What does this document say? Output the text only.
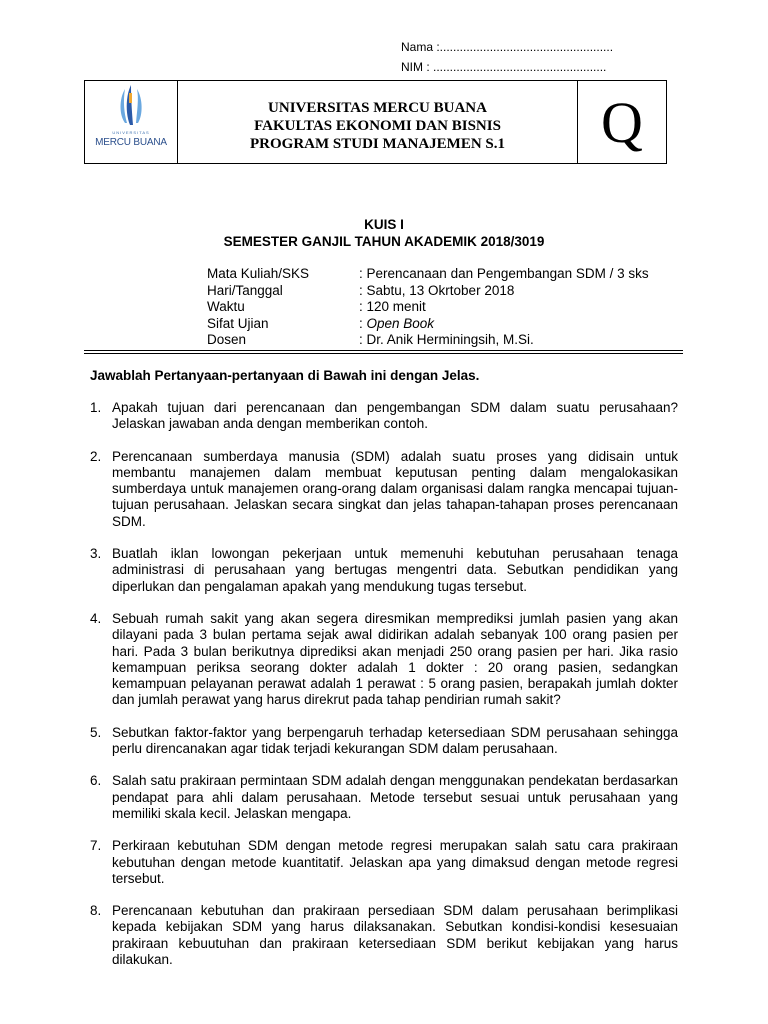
Nama :....................................................
NIM : ....................................................
UNIVERSITAS
MERCU BUANA
UNIVERSITAS MERCU BUANA
FAKULTAS EKONOMI DAN BISNIS
PROGRAM STUDI MANAJEMEN S.1	Q
KUIS I
SEMESTER GANJIL TAHUN AKADEMIK 2018/3019
Mata Kuliah/SKS	: Perencanaan dan Pengembangan SDM / 3 sks
Hari/Tanggal	: Sabtu, 13 Okrtober 2018
Waktu	: 120 menit
Sifat Ujian	: Open Book
Dosen	: Dr. Anik Herminingsih, M.Si.
Jawablah Pertanyaan-pertanyaan di Bawah ini dengan Jelas.
1. Apakah tujuan dari perencanaan dan pengembangan SDM dalam suatu perusahaan? Jelaskan jawaban anda dengan memberikan contoh.
2. Perencanaan sumberdaya manusia (SDM) adalah suatu proses yang didisain untuk membantu manajemen dalam membuat keputusan penting dalam mengalokasikan sumberdaya untuk manajemen orang-orang dalam organisasi dalam rangka mencapai tujuan-tujuan perusahaan. Jelaskan secara singkat dan jelas tahapan-tahapan proses perencanaan SDM.
3. Buatlah iklan lowongan pekerjaan untuk memenuhi kebutuhan perusahaan tenaga administrasi di perusahaan yang bertugas mengentri data. Sebutkan pendidikan yang diperlukan dan pengalaman apakah yang mendukung tugas tersebut.
4. Sebuah rumah sakit yang akan segera diresmikan memprediksi jumlah pasien yang akan dilayani pada 3 bulan pertama sejak awal didirikan adalah sebanyak 100 orang pasien per hari. Pada 3 bulan berikutnya diprediksi akan menjadi 250 orang pasien per hari. Jika rasio kemampuan periksa seorang dokter adalah 1 dokter : 20 orang pasien, sedangkan kemampuan pelayanan perawat adalah 1 perawat : 5 orang pasien, berapakah jumlah dokter dan jumlah perawat yang harus direkrut pada tahap pendirian rumah sakit?
5. Sebutkan faktor-faktor yang berpengaruh terhadap ketersediaan SDM perusahaan sehingga perlu direncanakan agar tidak terjadi kekurangan SDM dalam perusahaan.
6. Salah satu prakiraan permintaan SDM adalah dengan menggunakan pendekatan berdasarkan pendapat para ahli dalam perusahaan. Metode tersebut sesuai untuk perusahaan yang memiliki skala kecil. Jelaskan mengapa.
7. Perkiraan kebutuhan SDM dengan metode regresi merupakan salah satu cara prakiraan kebutuhan dengan metode kuantitatif. Jelaskan apa yang dimaksud dengan metode regresi tersebut.
8. Perencanaan kebutuhan dan prakiraan persediaan SDM dalam perusahaan berimplikasi kepada kebijakan SDM yang harus dilaksanakan. Sebutkan kondisi-kondisi kesesuaian prakiraan kebuutuhan dan prakiraan ketersediaan SDM berikut kebijakan yang harus dilakukan.
